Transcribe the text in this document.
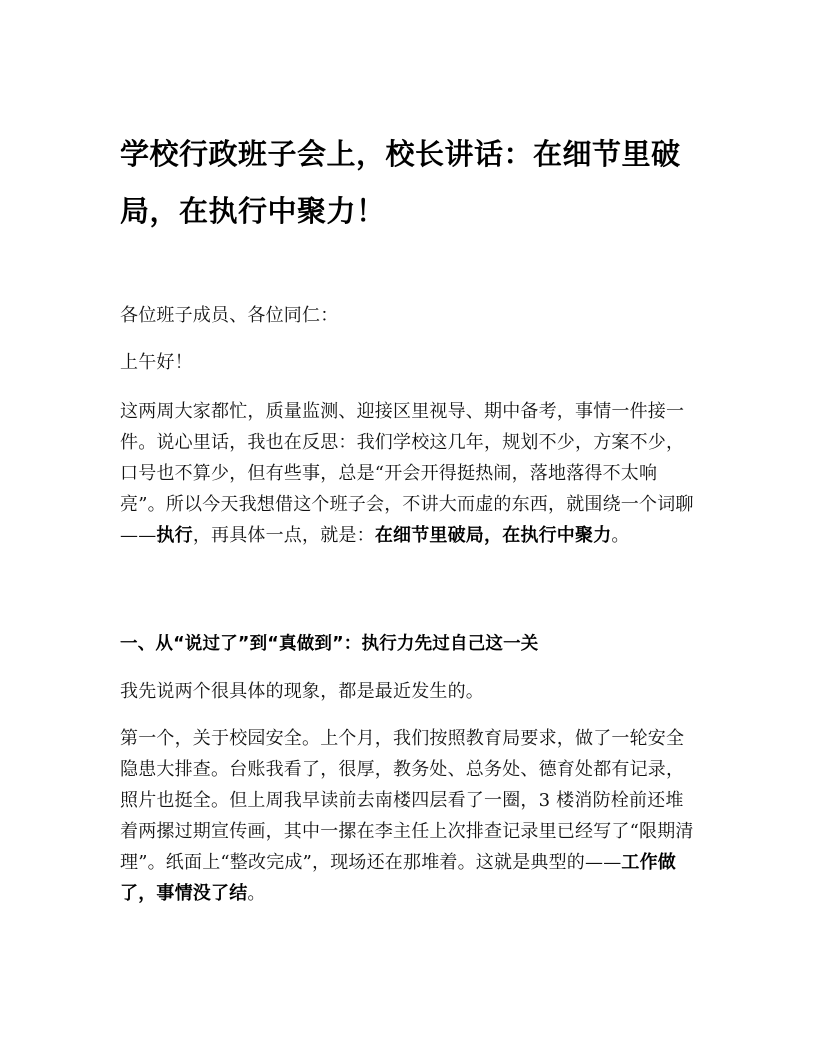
学校行政班子会上，校长讲话：在细节里破局，在执行中聚力！

各位班子成员、各位同仁：

上午好！

这两周大家都忙，质量监测、迎接区里视导、期中备考，事情一件接一件。说心里话，我也在反思：我们学校这几年，规划不少，方案不少，口号也不算少，但有些事，总是“开会开得挺热闹，落地落得不太响亮”。所以今天我想借这个班子会，不讲大而虚的东西，就围绕一个词聊——执行，再具体一点，就是：在细节里破局，在执行中聚力。

一、从“说过了”到“真做到”：执行力先过自己这一关

我先说两个很具体的现象，都是最近发生的。

第一个，关于校园安全。上个月，我们按照教育局要求，做了一轮安全隐患大排查。台账我看了，很厚，教务处、总务处、德育处都有记录，照片也挺全。但上周我早读前去南楼四层看了一圈，3 楼消防栓前还堆着两摞过期宣传画，其中一摞在李主任上次排查记录里已经写了“限期清理”。纸面上“整改完成”，现场还在那堆着。这就是典型的——工作做了，事情没了结。
